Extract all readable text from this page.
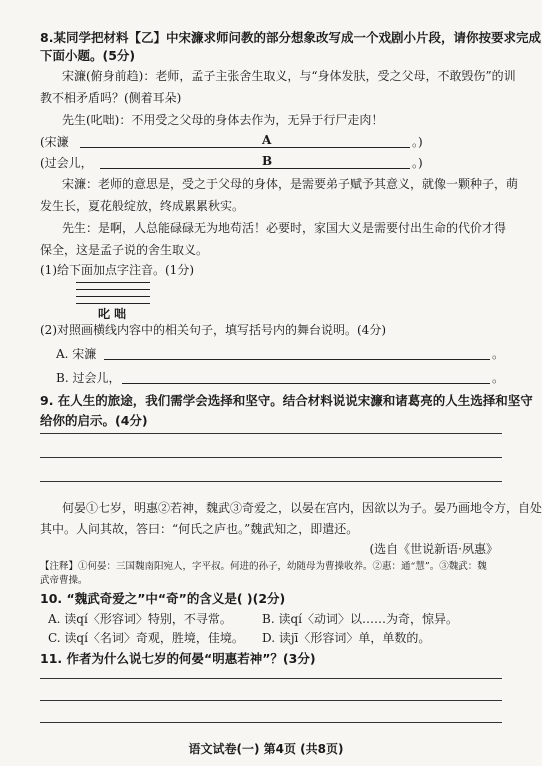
8.某同学把材料【乙】中宋濂求师问教的部分想象改写成一个戏剧小片段，请你按要求完成
下面小题。(5分)
宋濂(俯身前趋)：老师，孟子主张舍生取义，与“身体发肤，受之父母，不敢毁伤”的训
教不相矛盾吗？(侧着耳朵)
先生(叱咄)：不用受之父母的身体去作为，无异于行尸走肉！
(宋濂	A	。)
(过会儿，	B	。)
宋濂：老师的意思是，受之于父母的身体，是需要弟子赋予其意义，就像一颗种子，萌
发生长，夏花般绽放，终成累累秋实。
先生：是啊，人总能碌碌无为地苟活！必要时，家国大义是需要付出生命的代价才得
保全，这是孟子说的舍生取义。
(1)给下面加点字注音。(1分)
叱 咄
(2)对照画横线内容中的相关句子，填写括号内的舞台说明。(4分)
A. 宋濂	。
B. 过会儿，	。
9. 在人生的旅途，我们需学会选择和坚守。结合材料说说宋濂和诸葛亮的人生选择和坚守
给你的启示。(4分)
何晏①七岁，明惠②若神，魏武③奇爱之，以晏在宫内，因欲以为子。晏乃画地令方，自处
其中。人问其故，答曰：“何氏之庐也。”魏武知之，即遣还。
(选自《世说新语·夙惠》
【注释】①何晏：三国魏南阳宛人，字平叔。何进的孙子，幼随母为曹操收养。②惠：通“慧”。③魏武：魏
武帝曹操。
10. “魏武奇爱之”中“奇”的含义是( )(2分)
A. 读qí〈形容词〉特别，不寻常。	B. 读qí〈动词〉以……为奇，惊异。
C. 读qí〈名词〉奇观，胜境，佳境。	D. 读jī〈形容词〉单，单数的。
11. 作者为什么说七岁的何晏“明惠若神”？(3分)
语文试卷(一) 第4页 (共8页)
